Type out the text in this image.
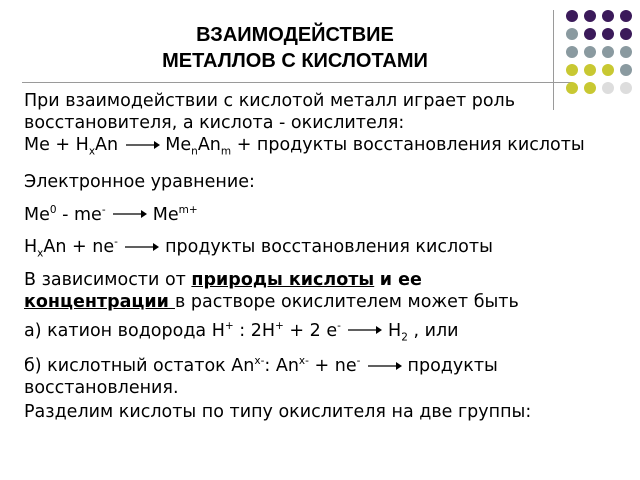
ВЗАИМОДЕЙСТВИЕ
МЕТАЛЛОВ С КИСЛОТАМИ

При взаимодействии с кислотой металл играет роль восстановителя, а кислота - окислителя:

$Me + H_xAn \to Me_nAn_m$ + продукты восстановления кислоты

Электронное уравнение:

Me$^0$ - me-	$Me^{m+}$

$H_xAn + ne^-$	продукты восстановления кислоты

В зависимости от природы кислоты и ее
концентрации в растворе окислителем может быть

а) катион водорода H+ : 2H+ + 2 e-	$H_2$ , или

б) кислотный остаток $An^{x-}$: $An^{x-} + ne^-$	продукты
восстановления.

Разделим кислоты по типу окислителя на две группы:
